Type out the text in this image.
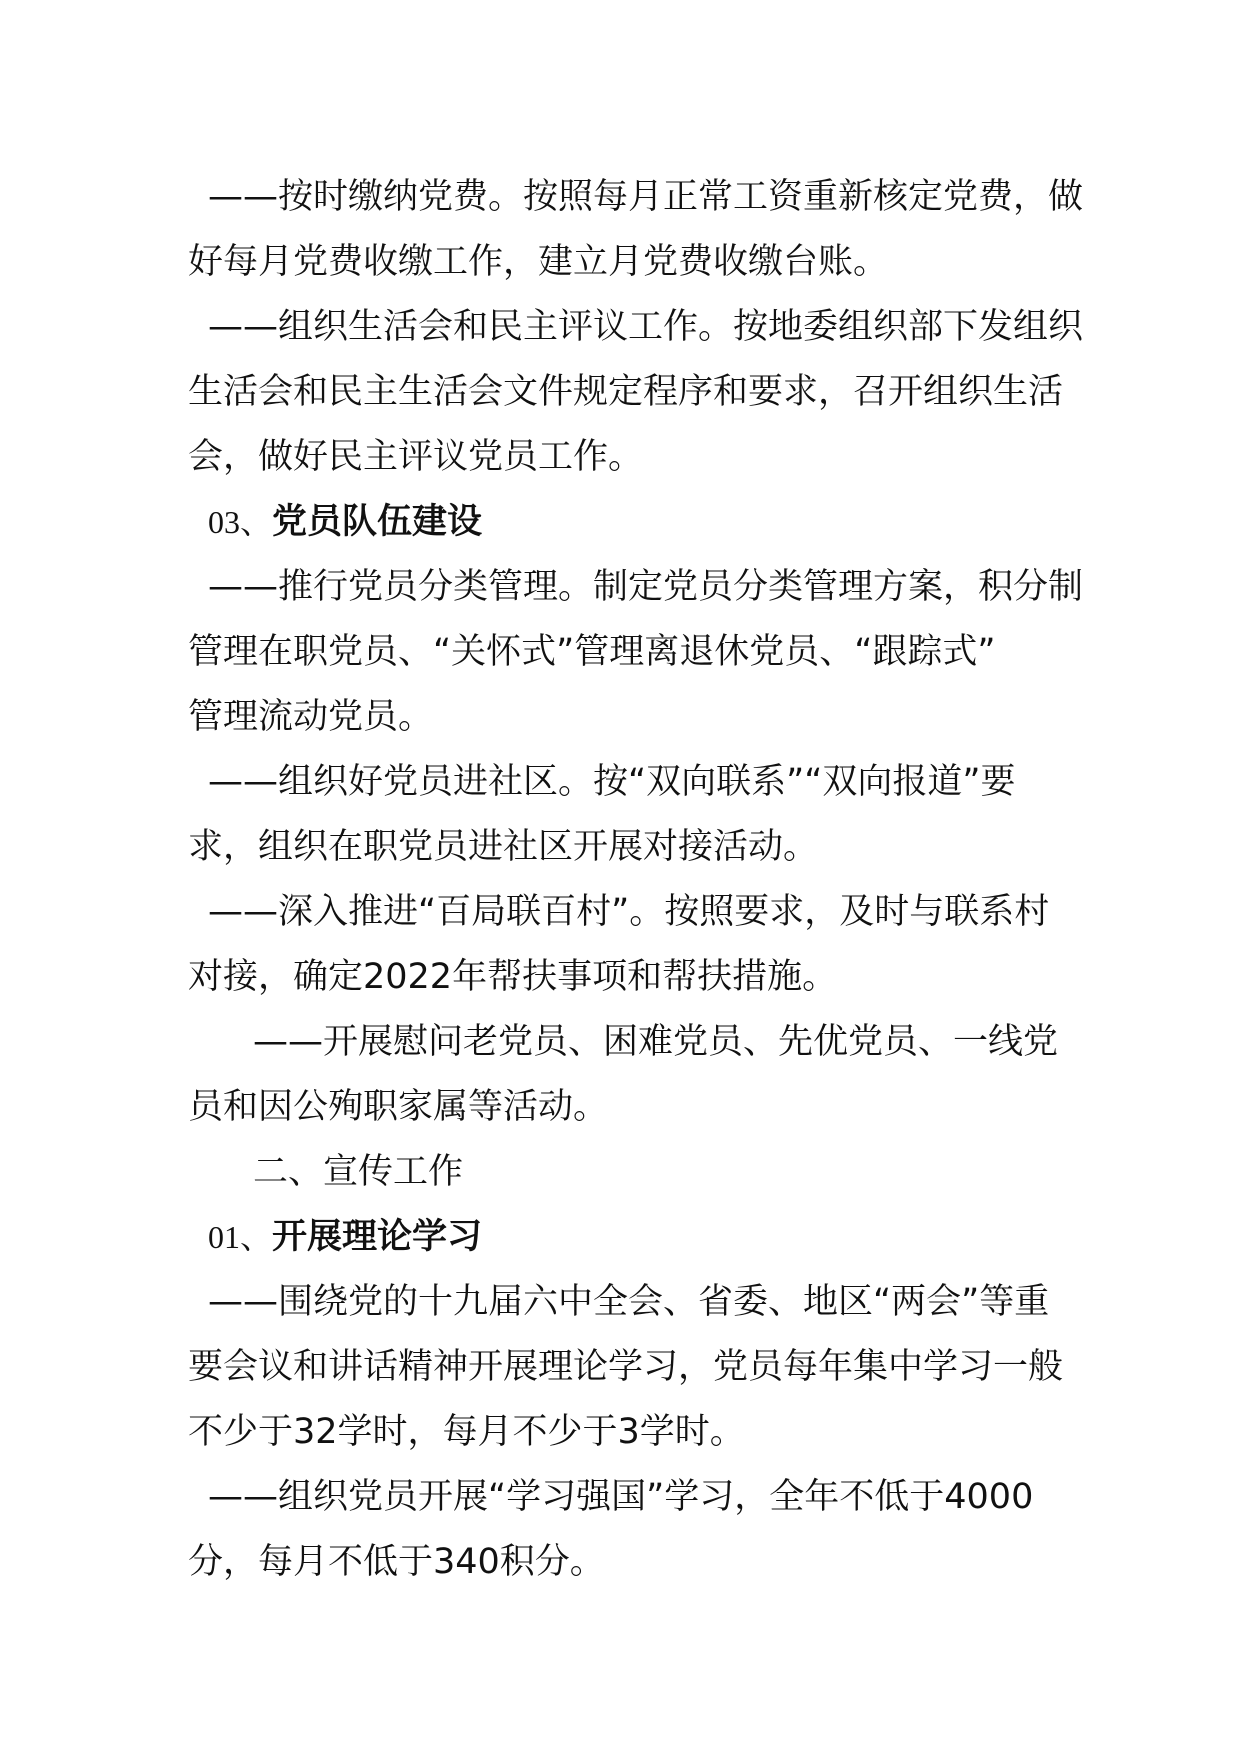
——按时缴纳党费。按照每月正常工资重新核定党费，做
好每月党费收缴工作，建立月党费收缴台账。
——组织生活会和民主评议工作。按地委组织部下发组织
生活会和民主生活会文件规定程序和要求，召开组织生活
会，做好民主评议党员工作。
03、 党员队伍建设
——推行党员分类管理。制定党员分类管理方案，积分制
管理在职党员、“关怀式”管理离退休党员、“跟踪式”
管理流动党员。
——组织好党员进社区。按“双向联系”“双向报道”要
求，组织在职党员进社区开展对接活动。
——深入推进“百局联百村”。按照要求，及时与联系村
对接，确定2022年帮扶事项和帮扶措施。
——开展慰问老党员、困难党员、先优党员、一线党
员和因公殉职家属等活动。
二、宣传工作
01、 开展理论学习
——围绕党的十九届六中全会、省委、地区“两会”等重
要会议和讲话精神开展理论学习，党员每年集中学习一般
不少于32学时，每月不少于3学时。
——组织党员开展“学习强国”学习，全年不低于4000
分，每月不低于340积分。
